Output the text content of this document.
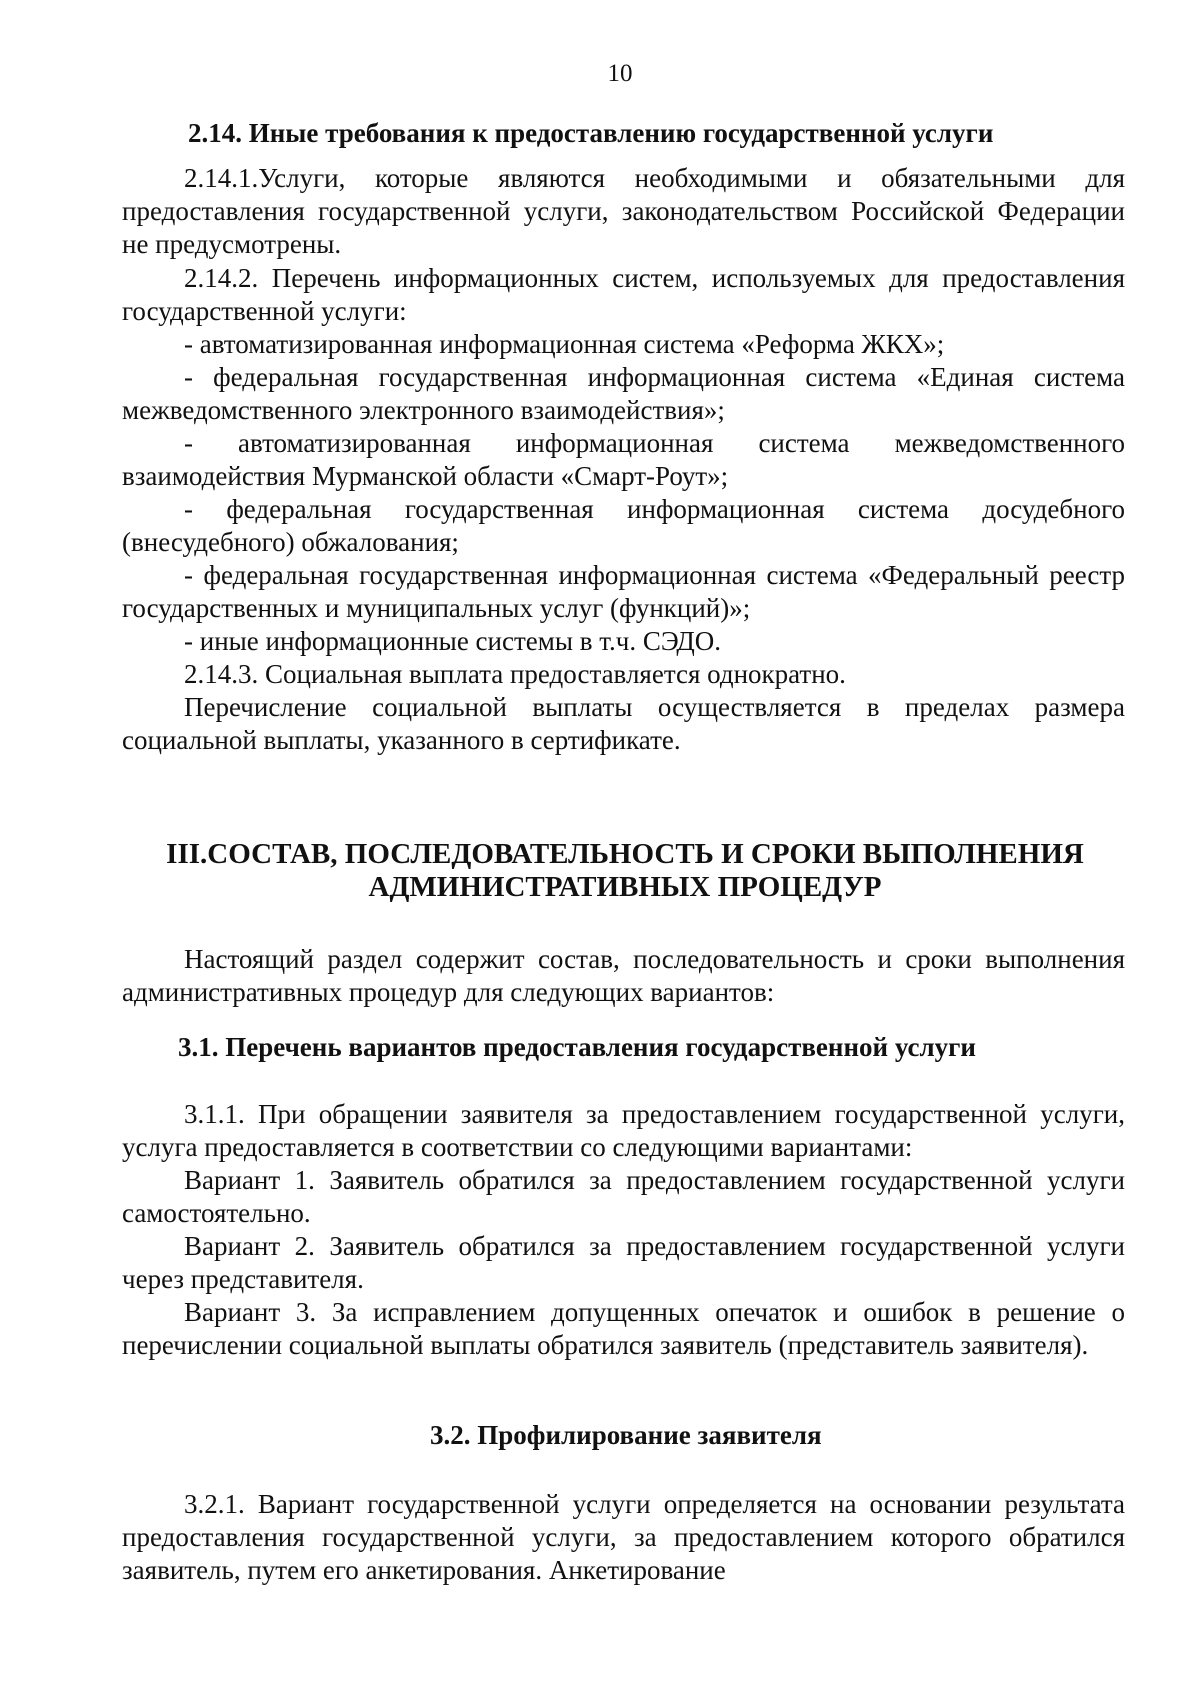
10
2.14. Иные требования к предоставлению государственной услуги
2.14.1.Услуги, которые являются необходимыми и обязательными для предоставления государственной услуги, законодательством Российской Федерации не предусмотрены.
2.14.2. Перечень информационных систем, используемых для предоставления государственной услуги:
- автоматизированная информационная система «Реформа ЖКХ»;
- федеральная государственная информационная система «Единая система межведомственного электронного взаимодействия»;
- автоматизированная информационная система межведомственного взаимодействия Мурманской области «Смарт-Роут»;
- федеральная государственная информационная система досудебного (внесудебного) обжалования;
- федеральная государственная информационная система «Федеральный реестр государственных и муниципальных услуг (функций)»;
- иные информационные системы в т.ч. СЭДО.
2.14.3. Социальная выплата предоставляется однократно.
Перечисление социальной выплаты осуществляется в пределах размера социальной выплаты, указанного в сертификате.
III.СОСТАВ, ПОСЛЕДОВАТЕЛЬНОСТЬ И СРОКИ ВЫПОЛНЕНИЯ
АДМИНИСТРАТИВНЫХ ПРОЦЕДУР
Настоящий раздел содержит состав, последовательность и сроки выполнения административных процедур для следующих вариантов:
3.1. Перечень вариантов предоставления государственной услуги
3.1.1. При обращении заявителя за предоставлением государственной услуги, услуга предоставляется в соответствии со следующими вариантами:
Вариант 1. Заявитель обратился за предоставлением государственной услуги самостоятельно.
Вариант 2. Заявитель обратился за предоставлением государственной услуги через представителя.
Вариант 3. За исправлением допущенных опечаток и ошибок в решение о перечислении социальной выплаты обратился заявитель (представитель заявителя).
3.2. Профилирование заявителя
3.2.1. Вариант государственной услуги определяется на основании результата предоставления государственной услуги, за предоставлением которого обратился заявитель, путем его анкетирования. Анкетирование
